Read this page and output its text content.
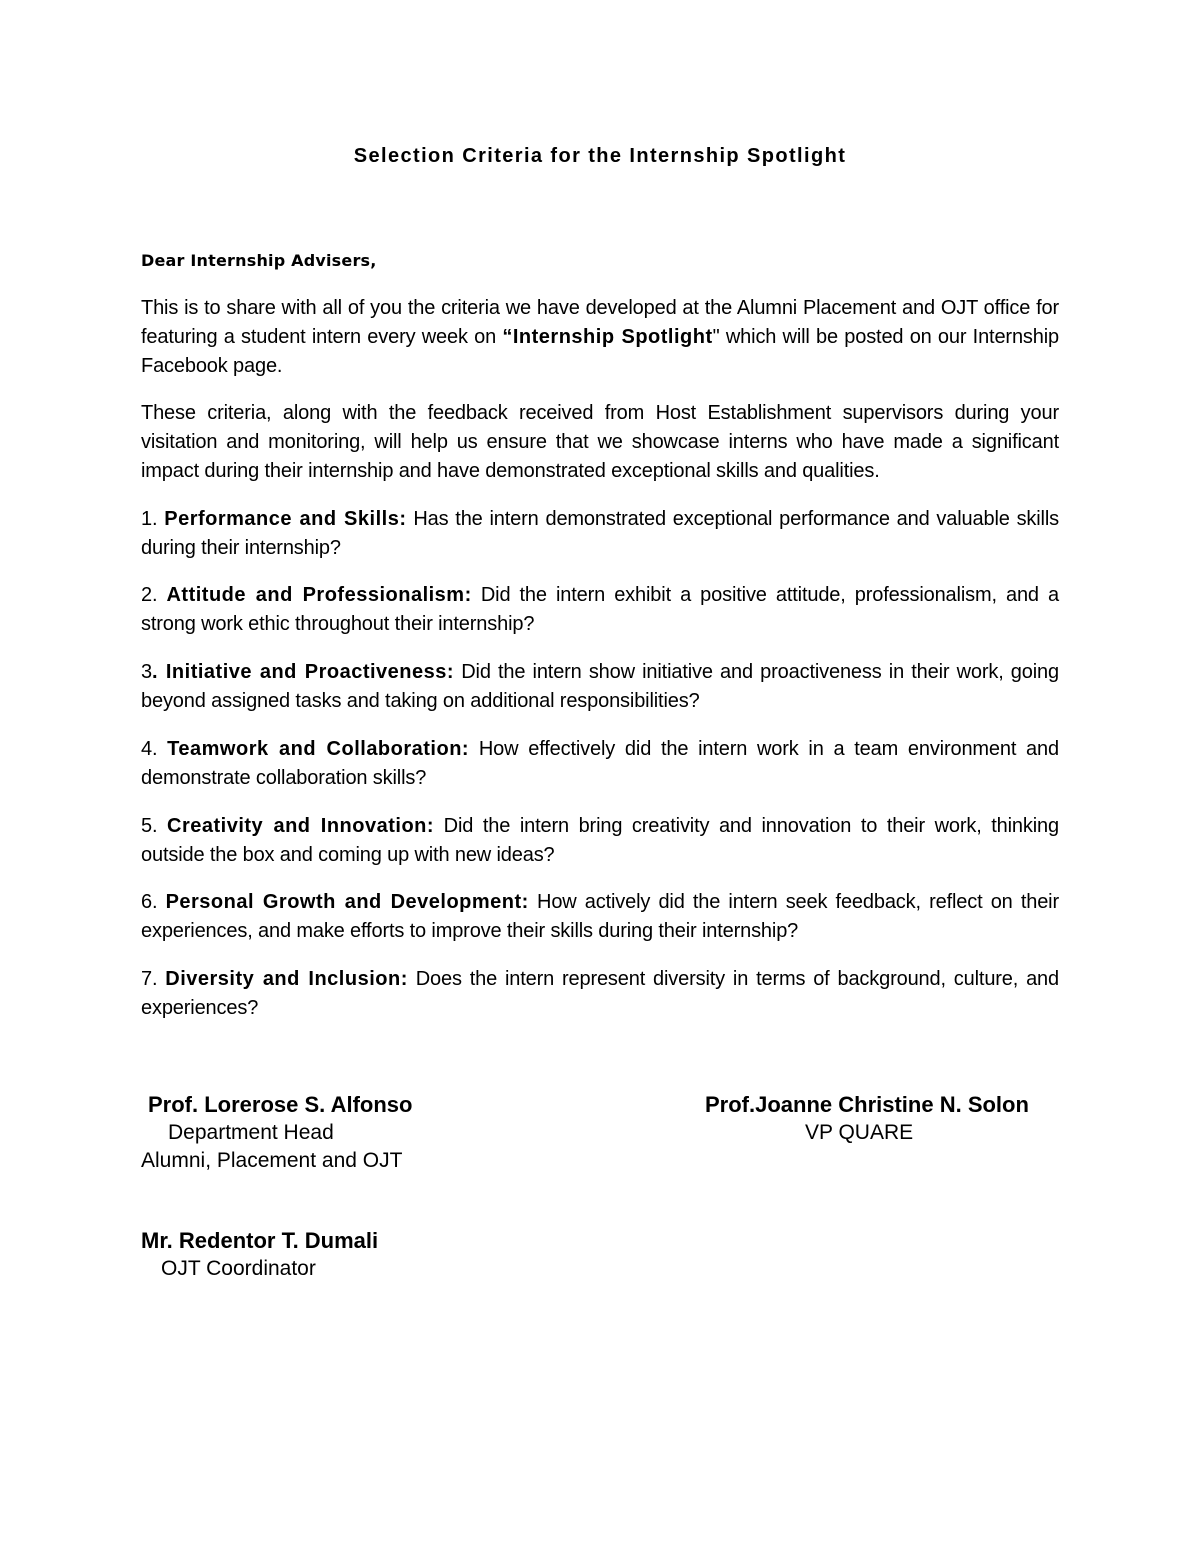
Selection Criteria for the Internship Spotlight

Dear Internship Advisers,

This is to share with all of you the criteria we have developed at the Alumni Placement and OJT office for featuring a student intern every week on “Internship Spotlight" which will be posted on our Internship Facebook page.

These criteria, along with the feedback received from Host Establishment supervisors during your visitation and monitoring, will help us ensure that we showcase interns who have made a significant impact during their internship and have demonstrated exceptional skills and qualities.

1. Performance and Skills: Has the intern demonstrated exceptional performance and valuable skills during their internship?

2. Attitude and Professionalism: Did the intern exhibit a positive attitude, professionalism, and a strong work ethic throughout their internship?

3. Initiative and Proactiveness: Did the intern show initiative and proactiveness in their work, going beyond assigned tasks and taking on additional responsibilities?

4. Teamwork and Collaboration: How effectively did the intern work in a team environment and demonstrate collaboration skills?

5. Creativity and Innovation: Did the intern bring creativity and innovation to their work, thinking outside the box and coming up with new ideas?

6. Personal Growth and Development: How actively did the intern seek feedback, reflect on their experiences, and make efforts to improve their skills during their internship?

7. Diversity and Inclusion: Does the intern represent diversity in terms of background, culture, and experiences?

Prof. Lorerose S. Alfonso
Department Head
Alumni, Placement and OJT
Prof.Joanne Christine N. Solon
VP QUARE
Mr. Redentor T. Dumali
OJT Coordinator
